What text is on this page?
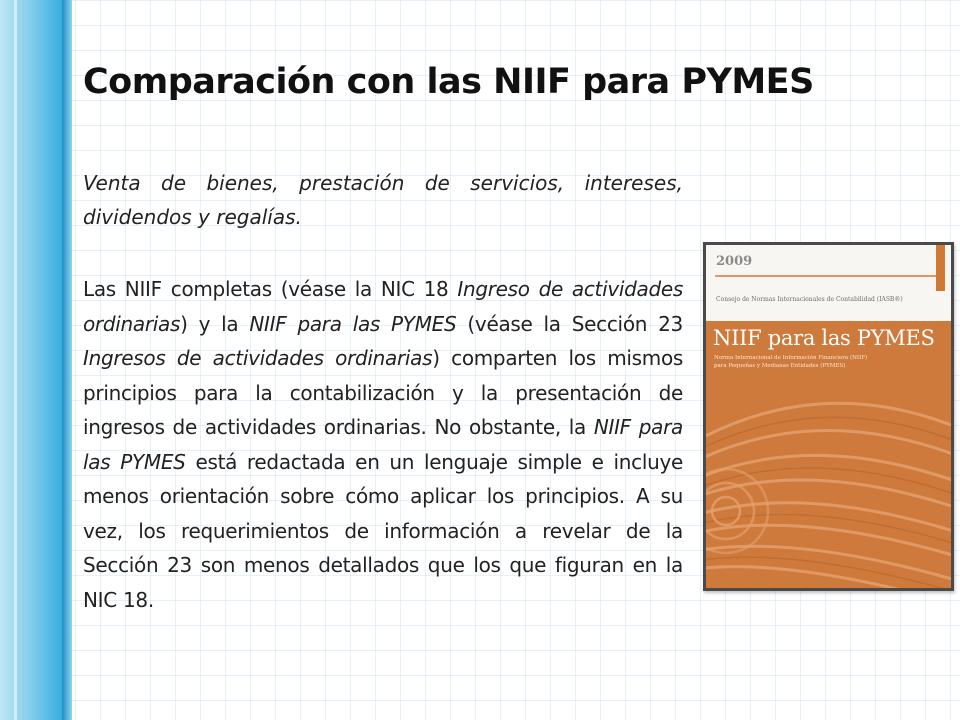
Comparación con las NIIF para PYMES

Venta de bienes, prestación de servicios, intereses, dividendos y regalías.

Las NIIF completas (véase la NIC 18 Ingreso de actividades ordinarias) y la NIIF para las PYMES (véase la Sección 23 Ingresos de actividades ordinarias) comparten los mismos principios para la contabilización y la presentación de ingresos de actividades ordinarias. No obstante, la NIIF para las PYMES está redactada en un lenguaje simple e incluye menos orientación sobre cómo aplicar los principios. A su vez, los requerimientos de información a revelar de la Sección 23 son menos detallados que los que figuran en la NIC 18.

2009

Consejo de Normas Internacionales de Contabilidad (IASB®)

NIIF para las PYMES

Norma Internacional de Información Financiera (NIIF)

para Pequeñas y Medianas Entidades (PYMES)
